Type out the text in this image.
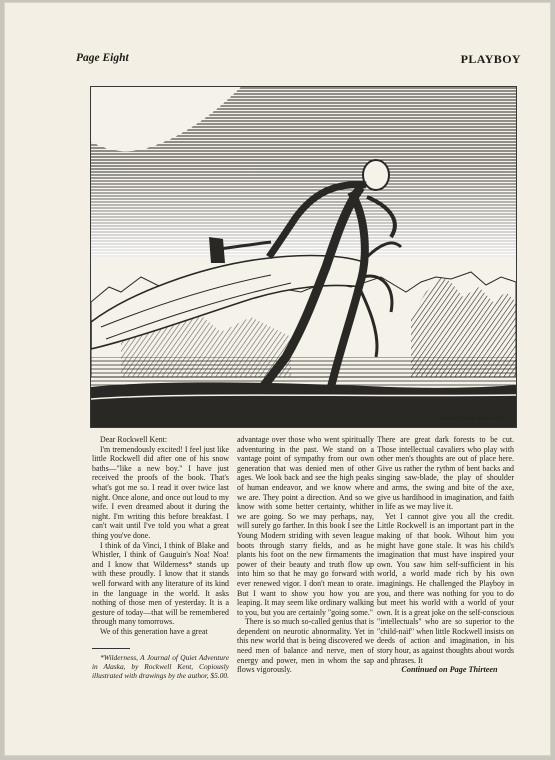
Page Eight	PLAYBOY
ROCKWELL KENT · ALASKA · 1919

Dear Rockwell Kent:

I'm tremendously excited! I feel just like little Rockwell did after one of his snow baths—"like a new boy." I have just received the proofs of the book. That's what's got me so. I read it over twice last night. Once alone, and once out loud to my wife. I even dreamed about it during the night. I'm writing this before breakfast. I can't wait until I've told you what a great thing you've done.

I think of da Vinci, I think of Blake and Whistler, I think of Gauguin's Noa! Noa! and I know that Wilderness* stands up with these proudly. I know that it stands well forward with any literature of its kind in the language in the world. It asks nothing of those men of yesterday. It is a gesture of today—that will be remembered through many tomorrows.

We of this generation have a great

*Wilderness, A Journal of Quiet Adventure in Alaska, by Rockwell Kent, Copiously illustrated with drawings by the author, $5.00.

advantage over those who went spiritually adventuring in the past. We stand on a vantage point of sympathy from our own generation that was denied men of other ages. We look back and see the high peaks of human endeavor, and we know where we are. They point a direction. And so we know with some better certainty, whither we are going. So we may perhaps, nay, will surely go farther. In this book I see the Young Modern striding with seven league boots through starry fields, and as he plants his foot on the new firmaments the power of their beauty and truth flow up into him so that he may go forward with ever renewed vigor. I don't mean to orate. But I want to show you how you are leaping. It may seem like ordinary walking to you, but you are certainly "going some."

There is so much so-called genius that is dependent on neurotic abnormality. Yet in this new world that is being discovered we need men of balance and nerve, men of energy and power, men in whom the sap flows vigorously.

There are great dark forests to be cut. Those intellectual cavaliers who play with other men's thoughts are out of place here. Give us rather the rythm of bent backs and singing saw-blade, the play of shoulder and arms, the swing and bite of the axe, give us hardihood in imagination, and faith in life as we may live it.

Yet I cannot give you all the credit. Little Rockwell is an important part in the making of that book. Wihout him you might have gone stale. It was his child's imagination that must have inspired your own. You saw him self-sufficient in his world, a world made rich by his own imaginings. He challenged the Playboy in you, and there was nothing for you to do but meet his world with a world of your own. It is a great joke on the self-conscious "intellectuals" who are so superior to the "child-naif" when little Rockwell insists on deeds of action and imagination, in his story hour, as against thoughts about words and phrases. It

Continued on Page Thirteen
